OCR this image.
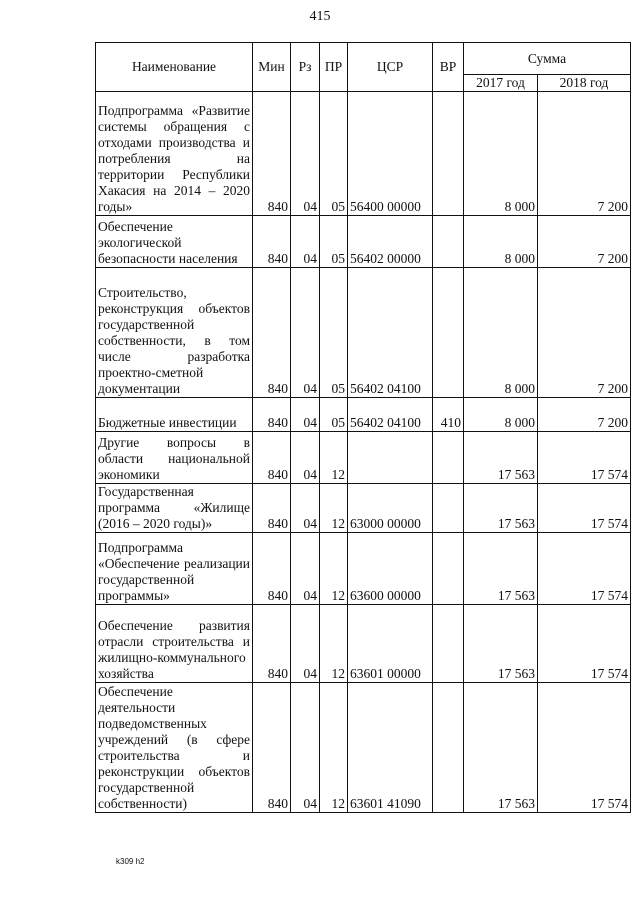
415
Наименование	Мин	Рз	ПР	ЦСР	ВР	Сумма	
						2017 год	2018 год
Подпрограмма «Развитие системы обращения с отходами производства и потребления на территории Республики Хакасия на 2014 – 2020 годы»	840	04	05	56400 00000		8 000	7 200
Обеспечение экологической безопасности населения	840	04	05	56402 00000		8 000	7 200
Строительство, реконструкция объектов государственной собственности, в том числе разработка проектно-сметной документации	840	04	05	56402 04100		8 000	7 200
Бюджетные инвестиции	840	04	05	56402 04100	410	8 000	7 200
Другие вопросы в области национальной экономики	840	04	12			17 563	17 574
Государственная программа «Жилище (2016 – 2020 годы)»	840	04	12	63000 00000		17 563	17 574
Подпрограмма «Обеспечение реализации государственной программы»	840	04	12	63600 00000		17 563	17 574
Обеспечение развития отрасли строительства и жилищно-коммунального хозяйства	840	04	12	63601 00000		17 563	17 574
Обеспечение деятельности подведомственных учреждений (в сфере строительства и реконструкции объектов государственной собственности)	840	04	12	63601 41090		17 563	17 574
k309 h2
